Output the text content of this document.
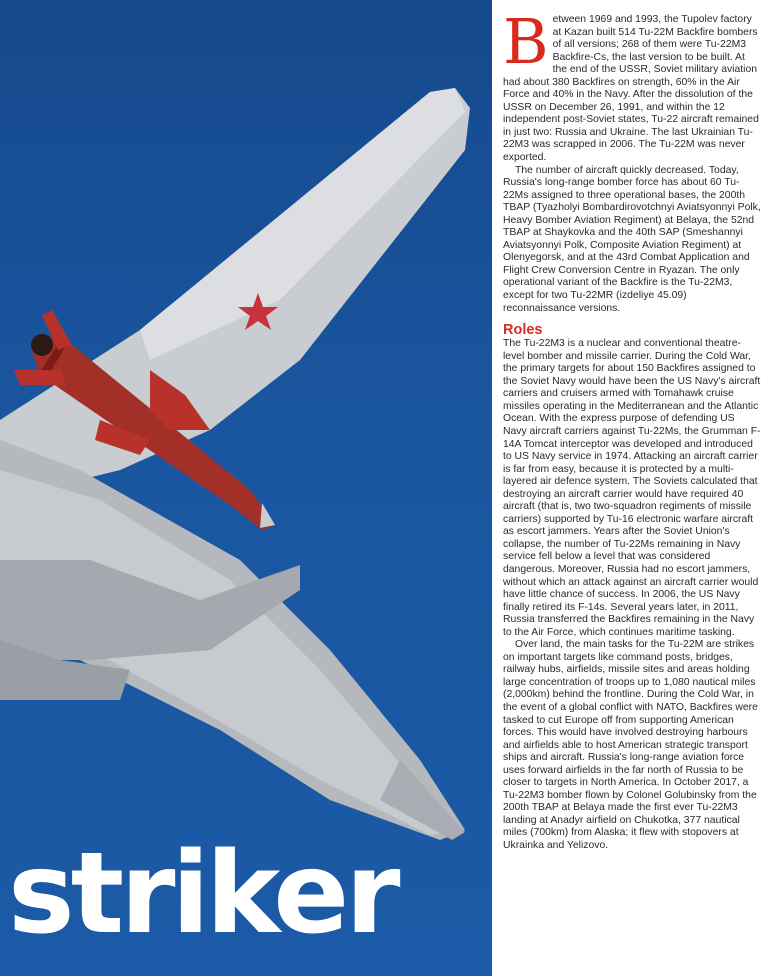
striker

Between 1969 and 1993, the Tupolev factory at Kazan built 514 Tu-22M Backfire bombers of all versions; 268 of them were Tu-22M3 Backfire-Cs, the last version to be built. At the end of the USSR, Soviet military aviation had about 380 Backfires on strength, 60% in the Air Force and 40% in the Navy. After the dissolution of the USSR on December 26, 1991, and within the 12 independent post-Soviet states, Tu-22 aircraft remained in just two: Russia and Ukraine. The last Ukrainian Tu-22M3 was scrapped in 2006. The Tu-22M was never exported.

The number of aircraft quickly decreased. Today, Russia's long-range bomber force has about 60 Tu-22Ms assigned to three operational bases, the 200th TBAP (Tyazholyi Bombardirovotchnyi Aviatsyonnyi Polk, Heavy Bomber Aviation Regiment) at Belaya, the 52nd TBAP at Shaykovka and the 40th SAP (Smeshannyi Aviatsyonnyi Polk, Composite Aviation Regiment) at Olenyegorsk, and at the 43rd Combat Application and Flight Crew Conversion Centre in Ryazan. The only operational variant of the Backfire is the Tu-22M3, except for two Tu-22MR (izdeliye 45.09) reconnaissance versions.

Roles

The Tu-22M3 is a nuclear and conventional theatre-level bomber and missile carrier. During the Cold War, the primary targets for about 150 Backfires assigned to the Soviet Navy would have been the US Navy's aircraft carriers and cruisers armed with Tomahawk cruise missiles operating in the Mediterranean and the Atlantic Ocean. With the express purpose of defending US Navy aircraft carriers against Tu-22Ms, the Grumman F-14A Tomcat interceptor was developed and introduced to US Navy service in 1974. Attacking an aircraft carrier is far from easy, because it is protected by a multi-layered air defence system. The Soviets calculated that destroying an aircraft carrier would have required 40 aircraft (that is, two two-squadron regiments of missile carriers) supported by Tu-16 electronic warfare aircraft as escort jammers. Years after the Soviet Union's collapse, the number of Tu-22Ms remaining in Navy service fell below a level that was considered dangerous. Moreover, Russia had no escort jammers, without which an attack against an aircraft carrier would have little chance of success. In 2006, the US Navy finally retired its F-14s. Several years later, in 2011, Russia transferred the Backfires remaining in the Navy to the Air Force, which continues maritime tasking.

Over land, the main tasks for the Tu-22M are strikes on important targets like command posts, bridges, railway hubs, airfields, missile sites and areas holding large concentration of troops up to 1,080 nautical miles (2,000km) behind the frontline. During the Cold War, in the event of a global conflict with NATO, Backfires were tasked to cut Europe off from supporting American forces. This would have involved destroying harbours and airfields able to host American strategic transport ships and aircraft. Russia's long-range aviation force uses forward airfields in the far north of Russia to be closer to targets in North America. In October 2017, a Tu-22M3 bomber flown by Colonel Golubinsky from the 200th TBAP at Belaya made the first ever Tu-22M3 landing at Anadyr airfield on Chukotka, 377 nautical miles (700km) from Alaska; it flew with stopovers at Ukrainka and Yelizovo.
